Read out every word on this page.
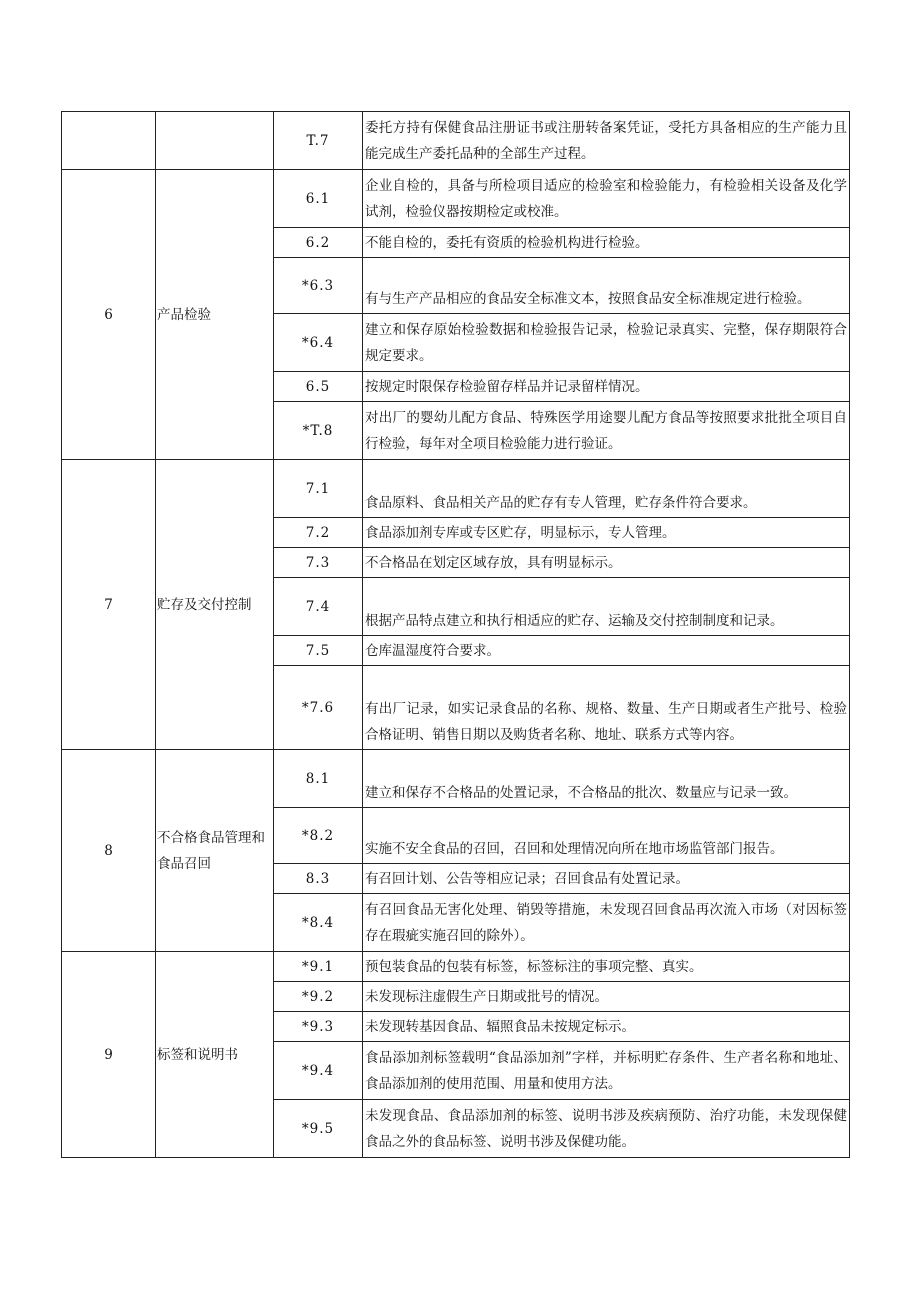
		T.7	委托方持有保健食品注册证书或注册转备案凭证，受托方具备相应的生产能力且能完成生产委托品种的全部生产过程。
6	产品检验	6.1	企业自检的，具备与所检项目适应的检验室和检验能力，有检验相关设备及化学试剂，检验仪器按期检定或校准。
		6.2	不能自检的，委托有资质的检验机构进行检验。
		*6.3	有与生产产品相应的食品安全标准文本，按照食品安全标准规定进行检验。
		*6.4	建立和保存原始检验数据和检验报告记录，检验记录真实、完整，保存期限符合规定要求。
		6.5	按规定时限保存检验留存样品并记录留样情况。
		*T.8	对出厂的婴幼儿配方食品、特殊医学用途婴儿配方食品等按照要求批批全项目自行检验，每年对全项目检验能力进行验证。
7	贮存及交付控制	7.1	食品原料、食品相关产品的贮存有专人管理，贮存条件符合要求。
		7.2	食品添加剂专库或专区贮存，明显标示，专人管理。
		7.3	不合格品在划定区域存放，具有明显标示。
		7.4	根据产品特点建立和执行相适应的贮存、运输及交付控制制度和记录。
		7.5	仓库温湿度符合要求。
		*7.6	有出厂记录，如实记录食品的名称、规格、数量、生产日期或者生产批号、检验合格证明、销售日期以及购货者名称、地址、联系方式等内容。
8	不合格食品管理和食品召回	8.1	建立和保存不合格品的处置记录，不合格品的批次、数量应与记录一致。
		*8.2	实施不安全食品的召回，召回和处理情况向所在地市场监管部门报告。
		8.3	有召回计划、公告等相应记录；召回食品有处置记录。
		*8.4	有召回食品无害化处理、销毁等措施，未发现召回食品再次流入市场（对因标签存在瑕疵实施召回的除外）。
9	标签和说明书	*9.1	预包装食品的包装有标签，标签标注的事项完整、真实。
		*9.2	未发现标注虚假生产日期或批号的情况。
		*9.3	未发现转基因食品、辐照食品未按规定标示。
		*9.4	食品添加剂标签载明“食品添加剂”字样，并标明贮存条件、生产者名称和地址、食品添加剂的使用范围、用量和使用方法。
		*9.5	未发现食品、食品添加剂的标签、说明书涉及疾病预防、治疗功能，未发现保健食品之外的食品标签、说明书涉及保健功能。
